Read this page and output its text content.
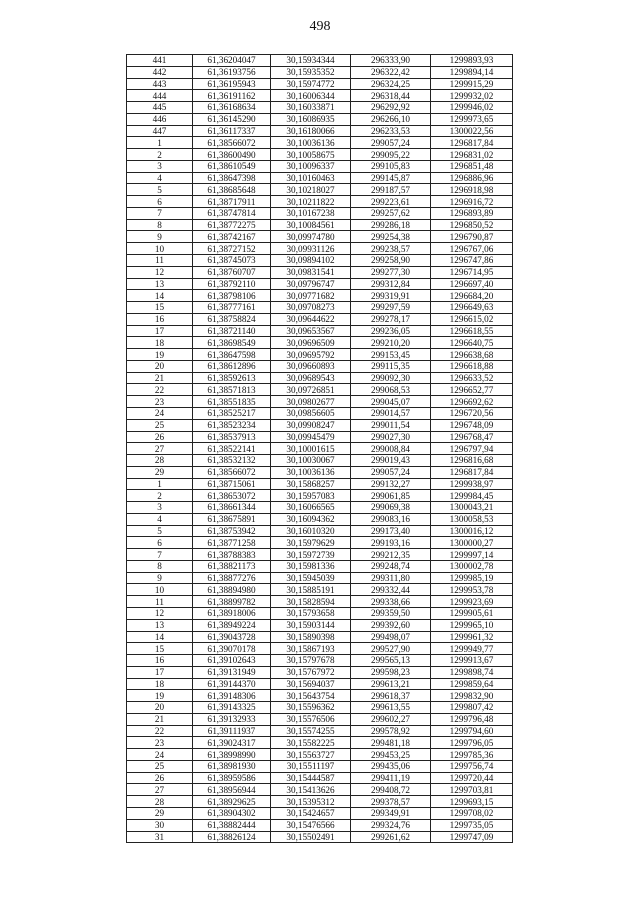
498
441	61,36204047	30,15934344	296333,90	1299893,93
442	61,36193756	30,15935352	296322,42	1299894,14
443	61,36195943	30,15974772	296324,25	1299915,29
444	61,36191162	30,16006344	296318,44	1299932,02
445	61,36168634	30,16033871	296292,92	1299946,02
446	61,36145290	30,16086935	296266,10	1299973,65
447	61,36117337	30,16180066	296233,53	1300022,56
1	61,38566072	30,10036136	299057,24	1296817,84
2	61,38600490	30,10058675	299095,22	1296831,02
3	61,38610549	30,10096337	299105,83	1296851,48
4	61,38647398	30,10160463	299145,87	1296886,96
5	61,38685648	30,10218027	299187,57	1296918,98
6	61,38717911	30,10211822	299223,61	1296916,72
7	61,38747814	30,10167238	299257,62	1296893,89
8	61,38772275	30,10084561	299286,18	1296850,52
9	61,38742167	30,09974780	299254,38	1296790,87
10	61,38727152	30,09931126	299238,57	1296767,06
11	61,38745073	30,09894102	299258,90	1296747,86
12	61,38760707	30,09831541	299277,30	1296714,95
13	61,38792110	30,09796747	299312,84	1296697,40
14	61,38798106	30,09771682	299319,91	1296684,20
15	61,38777161	30,09708273	299297,59	1296649,63
16	61,38758824	30,09644622	299278,17	1296615,02
17	61,38721140	30,09653567	299236,05	1296618,55
18	61,38698549	30,09696509	299210,20	1296640,75
19	61,38647598	30,09695792	299153,45	1296638,68
20	61,38612896	30,09660893	299115,35	1296618,88
21	61,38592613	30,09689543	299092,30	1296633,52
22	61,38571813	30,09726851	299068,53	1296652,77
23	61,38551835	30,09802677	299045,07	1296692,62
24	61,38525217	30,09856605	299014,57	1296720,56
25	61,38523234	30,09908247	299011,54	1296748,09
26	61,38537913	30,09945479	299027,30	1296768,47
27	61,38522141	30,10001615	299008,84	1296797,94
28	61,38532132	30,10030067	299019,43	1296816,68
29	61,38566072	30,10036136	299057,24	1296817,84
1	61,38715061	30,15868257	299132,27	1299938,97
2	61,38653072	30,15957083	299061,85	1299984,45
3	61,38661344	30,16066565	299069,38	1300043,21
4	61,38675891	30,16094362	299083,16	1300058,53
5	61,38753942	30,16010320	299173,40	1300016,12
6	61,38771258	30,15979629	299193,16	1300000,27
7	61,38788383	30,15972739	299212,35	1299997,14
8	61,38821173	30,15981336	299248,74	1300002,78
9	61,38877276	30,15945039	299311,80	1299985,19
10	61,38894980	30,15885191	299332,44	1299953,78
11	61,38899782	30,15828594	299338,66	1299923,69
12	61,38918006	30,15793658	299359,50	1299905,61
13	61,38949224	30,15903144	299392,60	1299965,10
14	61,39043728	30,15890398	299498,07	1299961,32
15	61,39070178	30,15867193	299527,90	1299949,77
16	61,39102643	30,15797678	299565,13	1299913,67
17	61,39131949	30,15767972	299598,23	1299898,74
18	61,39144370	30,15694037	299613,21	1299859,64
19	61,39148306	30,15643754	299618,37	1299832,90
20	61,39143325	30,15596362	299613,55	1299807,42
21	61,39132933	30,15576506	299602,27	1299796,48
22	61,39111937	30,15574255	299578,92	1299794,60
23	61,39024317	30,15582225	299481,18	1299796,05
24	61,38998990	30,15563727	299453,25	1299785,36
25	61,38981930	30,15511197	299435,06	1299756,74
26	61,38959586	30,15444587	299411,19	1299720,44
27	61,38956944	30,15413626	299408,72	1299703,81
28	61,38929625	30,15395312	299378,57	1299693,15
29	61,38904302	30,15424657	299349,91	1299708,02
30	61,38882444	30,15476566	299324,76	1299735,05
31	61,38826124	30,15502491	299261,62	1299747,09
